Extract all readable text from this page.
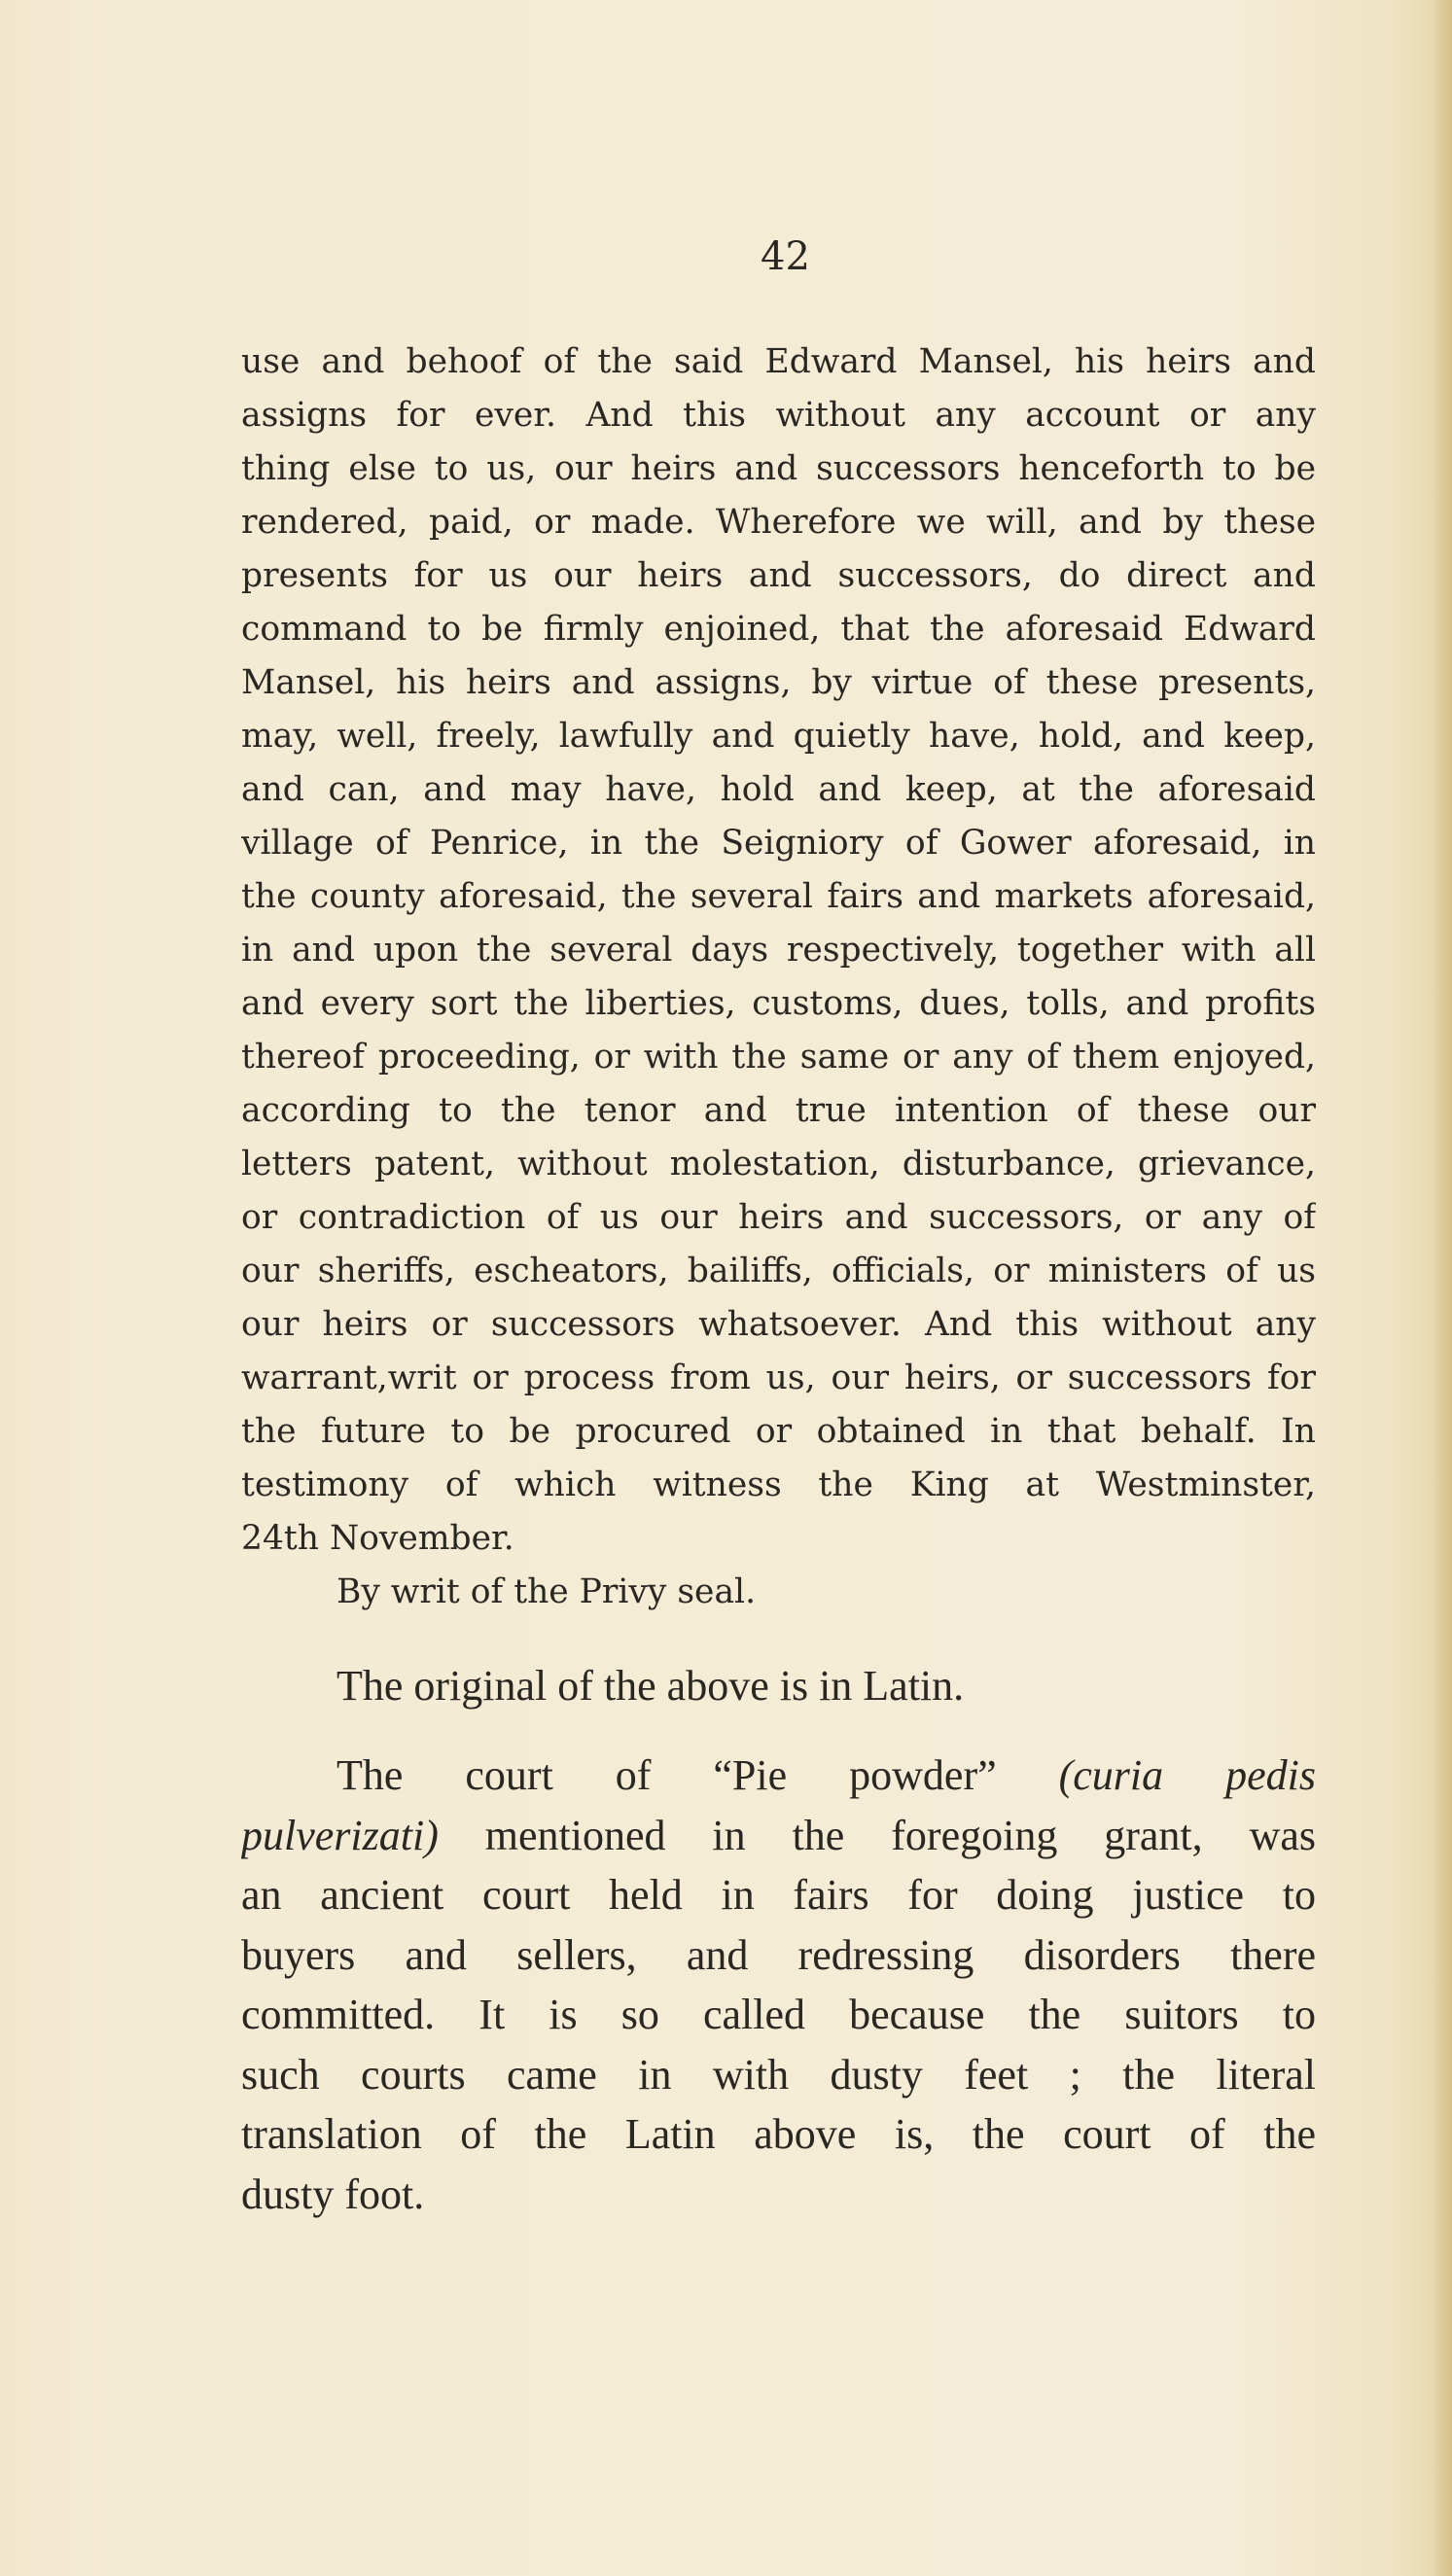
42
use and behoof of the said Edward Mansel, his heirs and
assigns for ever. And this without any account or any
thing else to us, our heirs and successors henceforth to be
rendered, paid, or made. Wherefore we will, and by these
presents for us our heirs and successors, do direct and
command to be firmly enjoined, that the aforesaid Edward
Mansel, his heirs and assigns, by virtue of these presents,
may, well, freely, lawfully and quietly have, hold, and keep,
and can, and may have, hold and keep, at the aforesaid
village of Penrice, in the Seigniory of Gower aforesaid, in
the county aforesaid, the several fairs and markets aforesaid,
in and upon the several days respectively, together with all
and every sort the liberties, customs, dues, tolls, and profits
thereof proceeding, or with the same or any of them enjoyed,
according to the tenor and true intention of these our
letters patent, without molestation, disturbance, grievance,
or contradiction of us our heirs and successors, or any of
our sheriffs, escheators, bailiffs, officials, or ministers of us
our heirs or successors whatsoever. And this without any
warrant,writ or process from us, our heirs, or successors for
the future to be procured or obtained in that behalf. In
testimony of which witness the King at Westminster,
24th November.
By writ of the Privy seal.
The original of the above is in Latin.
The court of “Pie powder” (curia pedis
pulverizati) mentioned in the foregoing grant, was
an ancient court held in fairs for doing justice to
buyers and sellers, and redressing disorders there
committed. It is so called because the suitors to
such courts came in with dusty feet ; the literal
translation of the Latin above is, the court of the
dusty foot.
